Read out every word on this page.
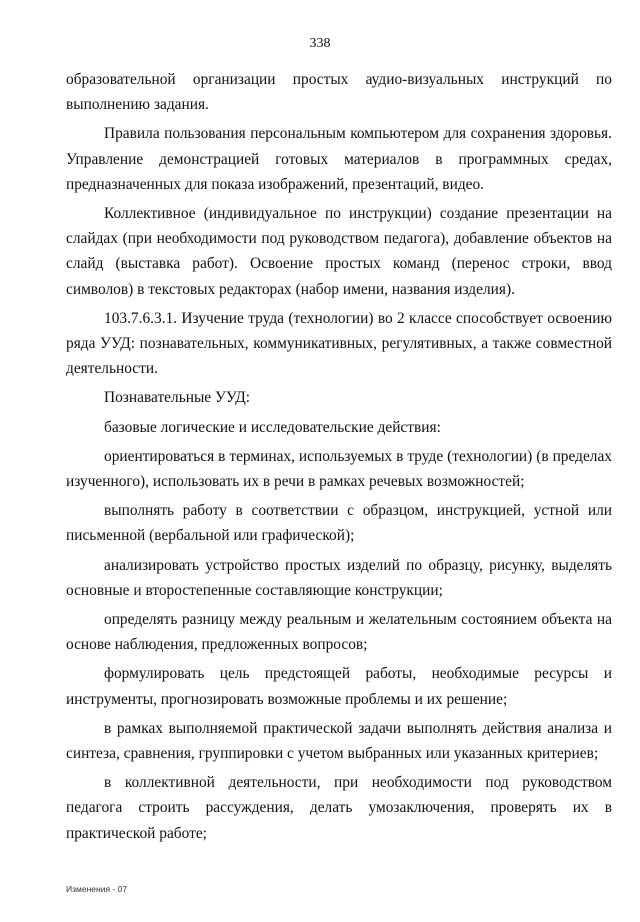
338

образовательной организации простых аудио-визуальных инструкций по выполнению задания.

Правила пользования персональным компьютером для сохранения здоровья. Управление демонстрацией готовых материалов в программных средах, предназначенных для показа изображений, презентаций, видео.

Коллективное (индивидуальное по инструкции) создание презентации на слайдах (при необходимости под руководством педагога), добавление объектов на слайд (выставка работ). Освоение простых команд (перенос строки, ввод символов) в текстовых редакторах (набор имени, названия изделия).

103.7.6.3.1. Изучение труда (технологии) во 2 классе способствует освоению ряда УУД: познавательных, коммуникативных, регулятивных, а также совместной деятельности.

Познавательные УУД:

базовые логические и исследовательские действия:

ориентироваться в терминах, используемых в труде (технологии) (в пределах изученного), использовать их в речи в рамках речевых возможностей;

выполнять работу в соответствии с образцом, инструкцией, устной или письменной (вербальной или графической);

анализировать устройство простых изделий по образцу, рисунку, выделять основные и второстепенные составляющие конструкции;

определять разницу между реальным и желательным состоянием объекта на основе наблюдения, предложенных вопросов;

формулировать цель предстоящей работы, необходимые ресурсы и инструменты, прогнозировать возможные проблемы и их решение;

в рамках выполняемой практической задачи выполнять действия анализа и синтеза, сравнения, группировки с учетом выбранных или указанных критериев;

в коллективной деятельности, при необходимости под руководством педагога строить рассуждения, делать умозаключения, проверять их в практической работе;

Изменения - 07
